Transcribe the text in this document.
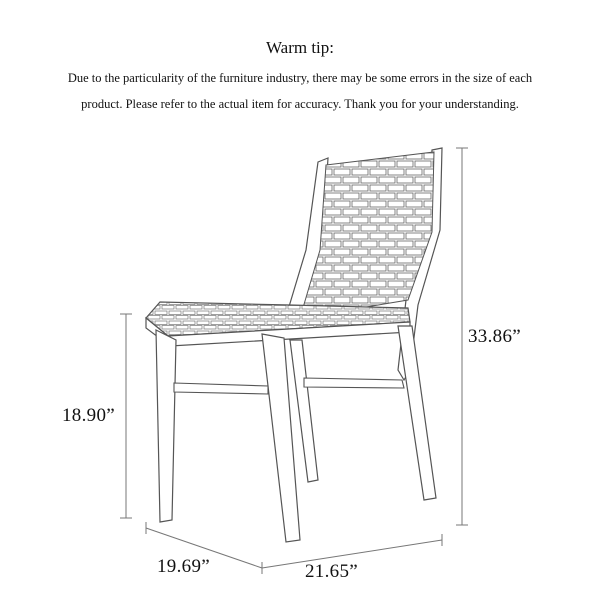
Warm tip:
Due to the particularity of the furniture industry, there may be some errors in the size of each
product. Please refer to the actual item for accuracy. Thank you for your understanding.
33.86”
18.90”
19.69”	21.65”
